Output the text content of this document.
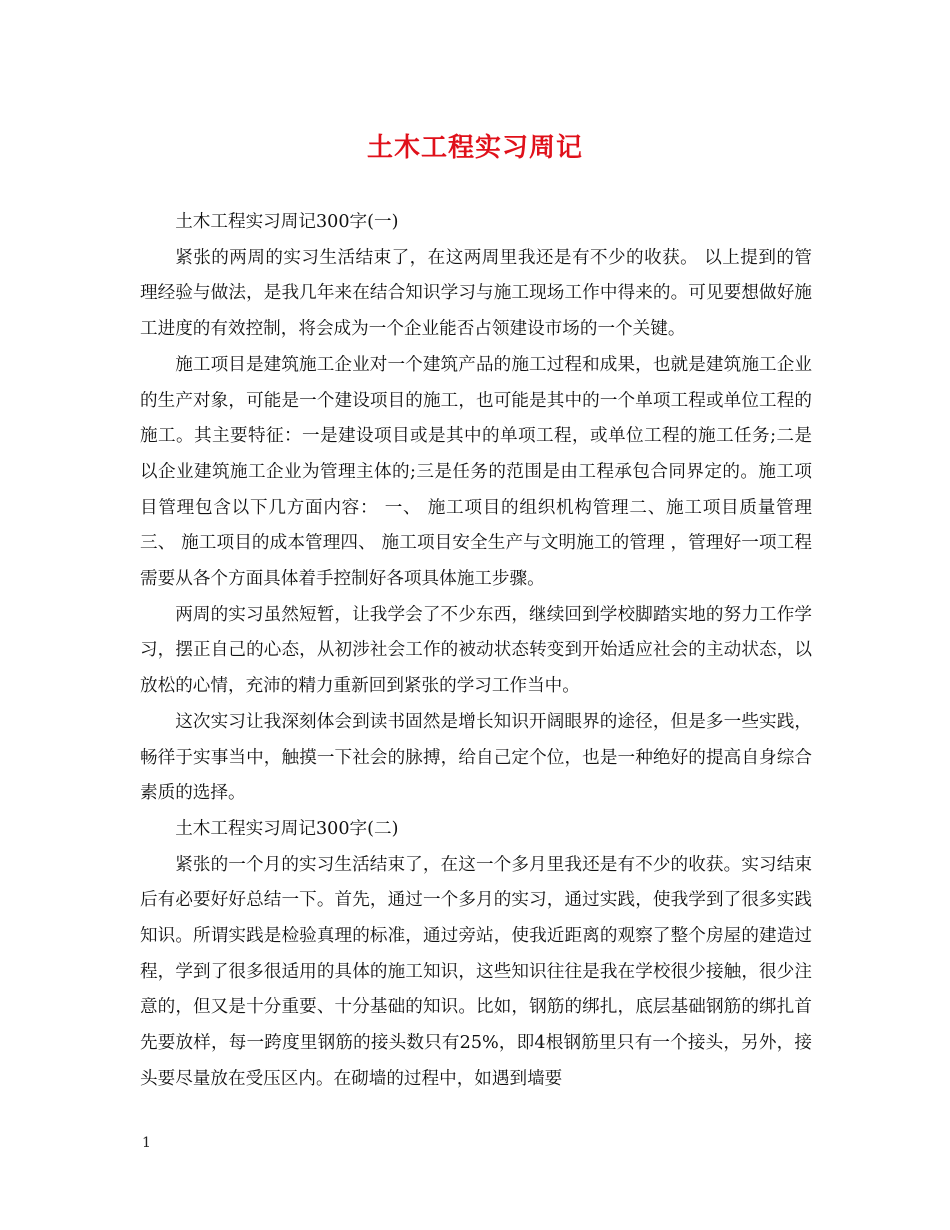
土木工程实习周记

土木工程实习周记300字(一)

紧张的两周的实习生活结束了，在这两周里我还是有不少的收获。 以上提到的管理经验与做法，是我几年来在结合知识学习与施工现场工作中得来的。可见要想做好施工进度的有效控制，将会成为一个企业能否占领建设市场的一个关键。

施工项目是建筑施工企业对一个建筑产品的施工过程和成果，也就是建筑施工企业的生产对象，可能是一个建设项目的施工，也可能是其中的一个单项工程或单位工程的施工。其主要特征：一是建设项目或是其中的单项工程，或单位工程的施工任务;二是以企业建筑施工企业为管理主体的;三是任务的范围是由工程承包合同界定的。施工项目管理包含以下几方面内容： 一、 施工项目的组织机构管理二、施工项目质量管理三、 施工项目的成本管理四、 施工项目安全生产与文明施工的管理 ，管理好一项工程需要从各个方面具体着手控制好各项具体施工步骤。

两周的实习虽然短暂，让我学会了不少东西，继续回到学校脚踏实地的努力工作学习，摆正自己的心态，从初涉社会工作的被动状态转变到开始适应社会的主动状态，以放松的心情，充沛的精力重新回到紧张的学习工作当中。

这次实习让我深刻体会到读书固然是增长知识开阔眼界的途径，但是多一些实践，畅徉于实事当中，触摸一下社会的脉搏，给自己定个位，也是一种绝好的提高自身综合素质的选择。

土木工程实习周记300字(二)

紧张的一个月的实习生活结束了，在这一个多月里我还是有不少的收获。实习结束后有必要好好总结一下。首先，通过一个多月的实习，通过实践，使我学到了很多实践知识。所谓实践是检验真理的标准，通过旁站，使我近距离的观察了整个房屋的建造过程，学到了很多很适用的具体的施工知识，这些知识往往是我在学校很少接触，很少注意的，但又是十分重要、十分基础的知识。比如，钢筋的绑扎，底层基础钢筋的绑扎首先要放样，每一跨度里钢筋的接头数只有25%，即4根钢筋里只有一个接头，另外，接头要尽量放在受压区内。在砌墙的过程中，如遇到墙要

1
